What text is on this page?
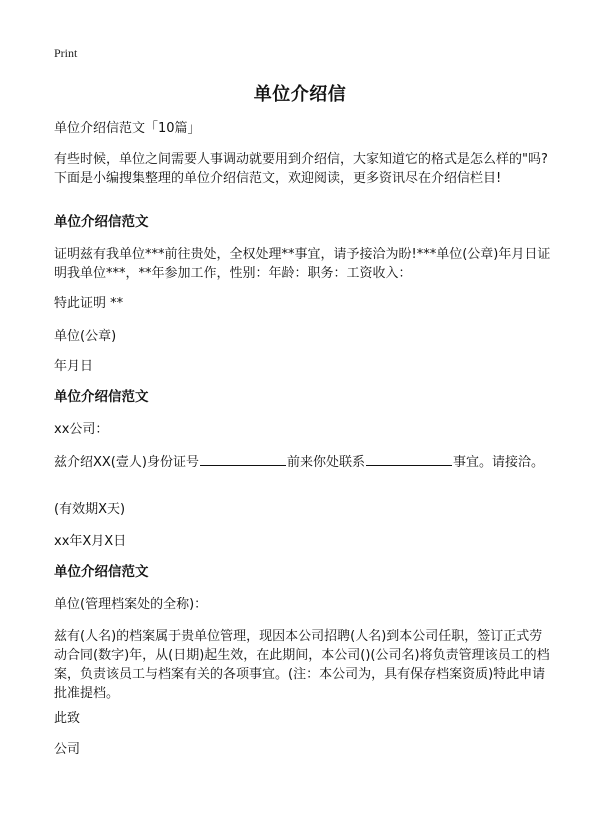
Print
单位介绍信
单位介绍信范文「10篇」
有些时候，单位之间需要人事调动就要用到介绍信，大家知道它的格式是怎么样的"吗?下面是小编搜集整理的单位介绍信范文，欢迎阅读，更多资讯尽在介绍信栏目!
单位介绍信范文
证明兹有我单位***前往贵处，全权处理**事宜，请予接洽为盼!***单位(公章)年月日证明我单位***，**年参加工作，性别：年龄：职务：工资收入：
特此证明 **
单位(公章)
年月日
单位介绍信范文
xx公司：
兹介绍XX(壹人)身份证号	前来你处联系	事宜。请接洽。
(有效期X天)
xx年X月X日
单位介绍信范文
单位(管理档案处的全称)：
兹有(人名)的档案属于贵单位管理，现因本公司招聘(人名)到本公司任职，签订正式劳动合同(数字)年，从(日期)起生效，在此期间，本公司()(公司名)将负责管理该员工的档案，负责该员工与档案有关的各项事宜。(注：本公司为，具有保存档案资质)特此申请批准提档。
此致
公司
